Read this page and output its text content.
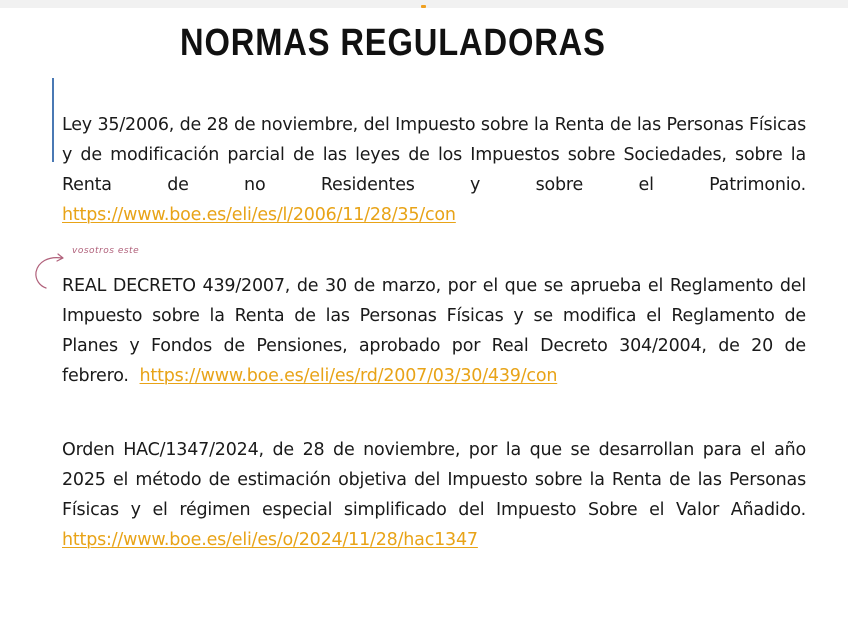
NORMAS REGULADORAS

Ley 35/2006, de 28 de noviembre, del Impuesto sobre la Renta de las Personas Físicas y de modificación parcial de las leyes de los Impuestos sobre Sociedades, sobre la Renta de no Residentes y sobre el Patrimonio. https://www.boe.es/eli/es/l/2006/11/28/35/con

vosotros este

REAL DECRETO 439/2007, de 30 de marzo, por el que se aprueba el Reglamento del Impuesto sobre la Renta de las Personas Físicas y se modifica el Reglamento de Planes y Fondos de Pensiones, aprobado por Real Decreto 304/2004, de 20 de febrero. https://www.boe.es/eli/es/rd/2007/03/30/439/con

Orden HAC/1347/2024, de 28 de noviembre, por la que se desarrollan para el año 2025 el método de estimación objetiva del Impuesto sobre la Renta de las Personas Físicas y el régimen especial simplificado del Impuesto Sobre el Valor Añadido. https://www.boe.es/eli/es/o/2024/11/28/hac1347
